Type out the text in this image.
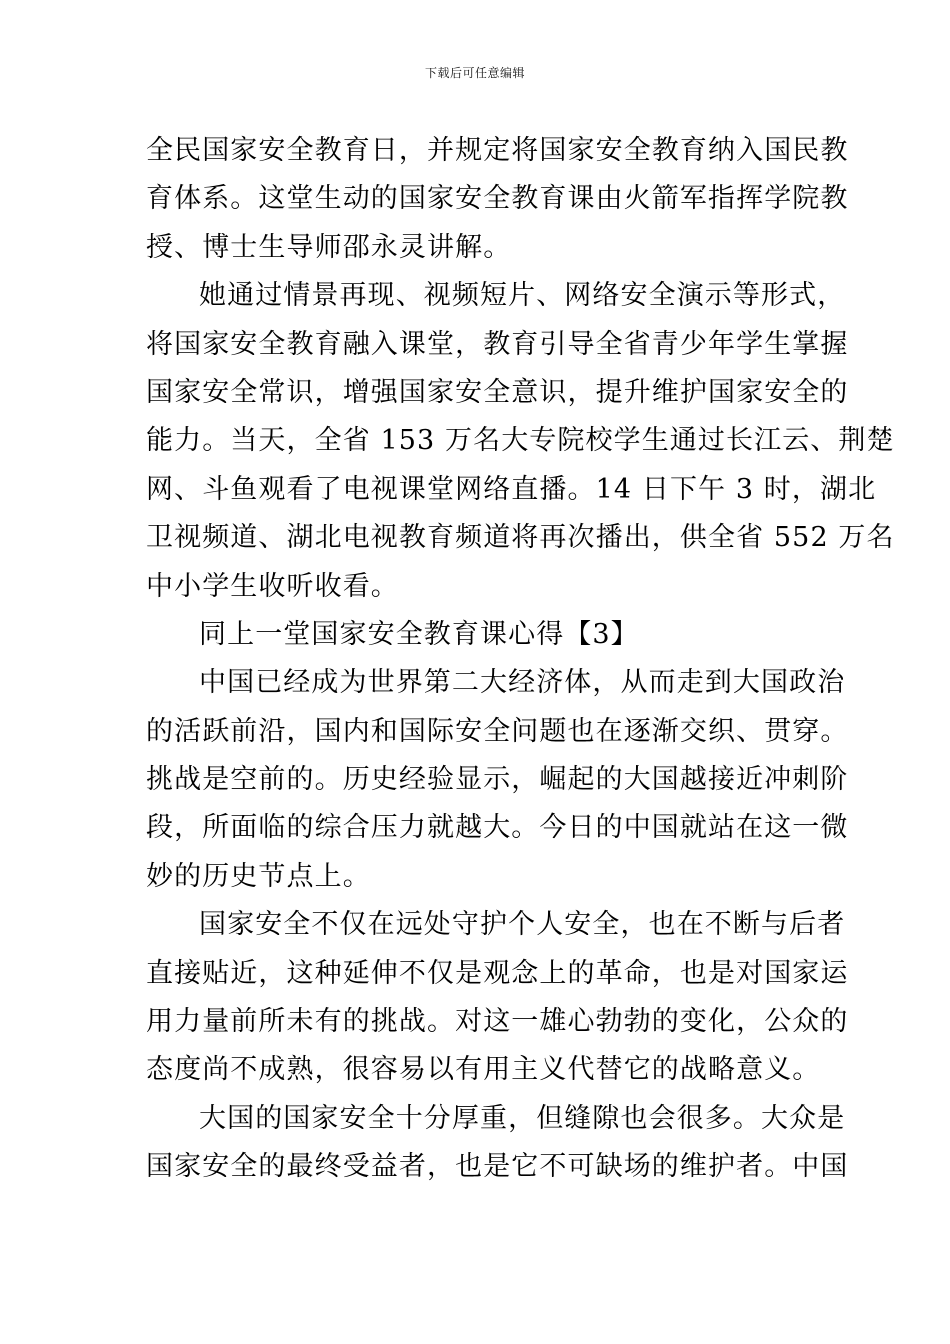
下载后可任意编辑
全民国家安全教育日，并规定将国家安全教育纳入国民教
育体系。这堂生动的国家安全教育课由火箭军指挥学院教
授、博士生导师邵永灵讲解。
她通过情景再现、视频短片、网络安全演示等形式，
将国家安全教育融入课堂，教育引导全省青少年学生掌握
国家安全常识，增强国家安全意识，提升维护国家安全的
能力。当天，全省 153 万名大专院校学生通过长江云、荆楚
网、斗鱼观看了电视课堂网络直播。14 日下午 3 时，湖北
卫视频道、湖北电视教育频道将再次播出，供全省 552 万名
中小学生收听收看。
同上一堂国家安全教育课心得【3】
中国已经成为世界第二大经济体，从而走到大国政治
的活跃前沿，国内和国际安全问题也在逐渐交织、贯穿。
挑战是空前的。历史经验显示，崛起的大国越接近冲刺阶
段，所面临的综合压力就越大。今日的中国就站在这一微
妙的历史节点上。
国家安全不仅在远处守护个人安全，也在不断与后者
直接贴近，这种延伸不仅是观念上的革命，也是对国家运
用力量前所未有的挑战。对这一雄心勃勃的变化，公众的
态度尚不成熟，很容易以有用主义代替它的战略意义。
大国的国家安全十分厚重，但缝隙也会很多。大众是
国家安全的最终受益者，也是它不可缺场的维护者。中国
